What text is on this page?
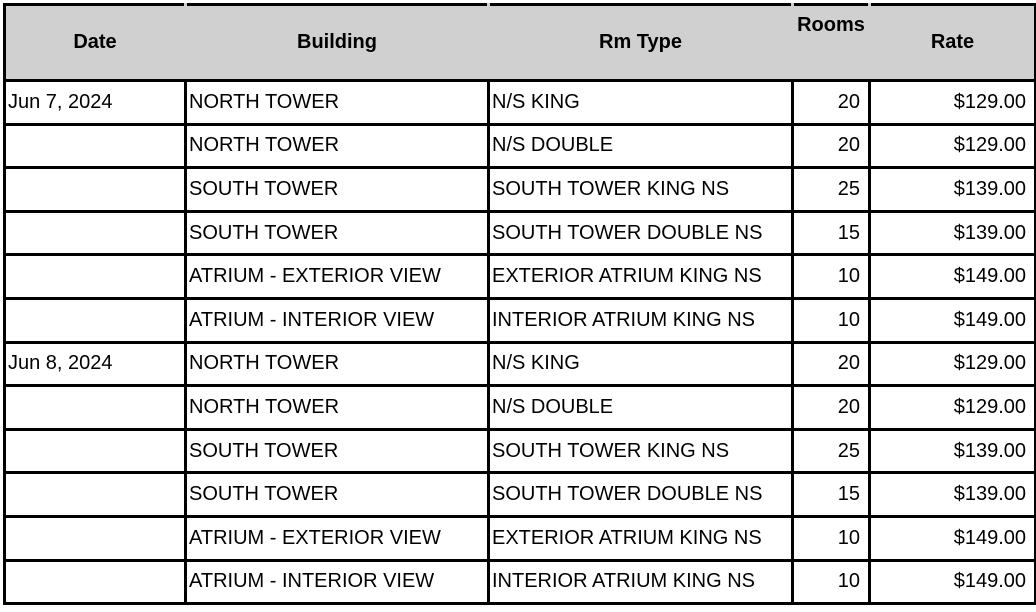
Date	Building	Rm Type	Rooms	Rate
Jun 7, 2024	NORTH TOWER	N/S KING	20	$129.00
	NORTH TOWER	N/S DOUBLE	20	$129.00
	SOUTH TOWER	SOUTH TOWER KING NS	25	$139.00
	SOUTH TOWER	SOUTH TOWER DOUBLE NS	15	$139.00
	ATRIUM - EXTERIOR VIEW	EXTERIOR ATRIUM KING NS	10	$149.00
	ATRIUM - INTERIOR VIEW	INTERIOR ATRIUM KING NS	10	$149.00
Jun 8, 2024	NORTH TOWER	N/S KING	20	$129.00
	NORTH TOWER	N/S DOUBLE	20	$129.00
	SOUTH TOWER	SOUTH TOWER KING NS	25	$139.00
	SOUTH TOWER	SOUTH TOWER DOUBLE NS	15	$139.00
	ATRIUM - EXTERIOR VIEW	EXTERIOR ATRIUM KING NS	10	$149.00
	ATRIUM - INTERIOR VIEW	INTERIOR ATRIUM KING NS	10	$149.00
